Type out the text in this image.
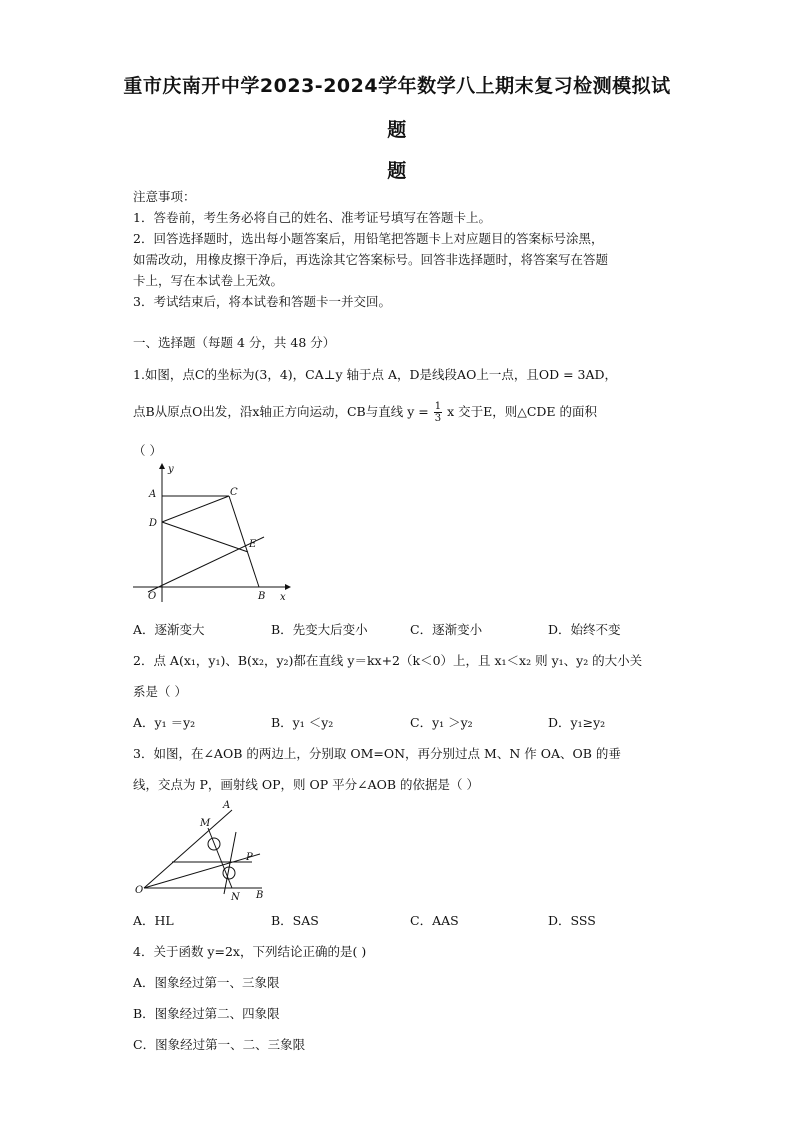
重市庆南开中学2023-2024学年数学八上期末复习检测模拟试
题
题
注意事项：
1．答卷前，考生务必将自己的姓名、准考证号填写在答题卡上。
2．回答选择题时，选出每小题答案后，用铅笔把答题卡上对应题目的答案标号涂黑，
如需改动，用橡皮擦干净后，再选涂其它答案标号。回答非选择题时，将答案写在答题
卡上，写在本试卷上无效。
3．考试结束后，将本试卷和答题卡一并交回。
一、选择题（每题 4 分，共 48 分）
1.如图，点C的坐标为(3，4)，CA⊥y 轴于点 A，D是线段AO上一点，且OD = 3AD，
点B从原点O出发，沿x轴正方向运动，CB与直线 $y = \frac{1}{3}$ x 交于E，则△CDE 的面积
（ ）
y
x
A	C
D
E
O	B
A．逐渐变大	B．先变大后变小	C．逐渐变小	D．始终不变
2．点 A(x₁，y₁)、B(x₂，y₂)都在直线 y＝kx+2（k＜0）上，且 x₁＜x₂ 则 y₁、y₂ 的大小关
系是（ ）
A．y₁ ＝y₂	B．y₁ ＜y₂	C．y₁ ＞y₂	D．y₁≥y₂
3．如图，在∠AOB 的两边上，分别取 OM=ON，再分别过点 M、N 作 OA、OB 的垂
线，交点为 P，画射线 OP，则 OP 平分∠AOB 的依据是（ ）
A
M
P
O
N B
A．HL	B．SAS	C．AAS	D．SSS
4．关于函数 y=2x，下列结论正确的是( )
A．图象经过第一、三象限
B．图象经过第二、四象限
C．图象经过第一、二、三象限
